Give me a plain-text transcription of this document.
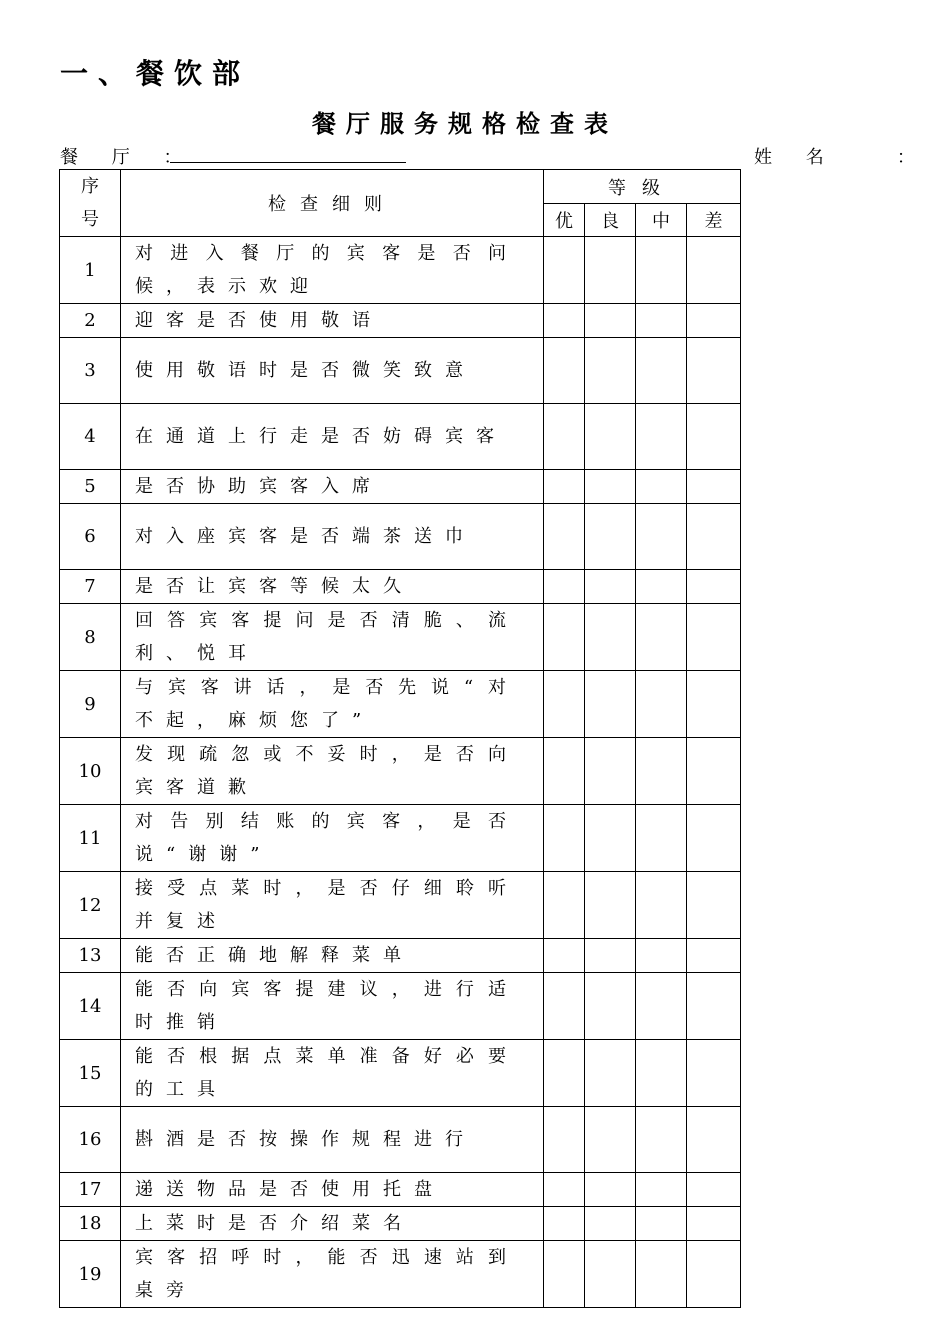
一、餐饮部
餐厅服务规格检查表
餐 厅 ：	姓 名   ：
序
号	检查细则	等级			
		优	良	中	差
1	对进入餐厅的宾客是否问候，表示欢迎				

2	迎客是否使用敬语				

3	使用敬语时是否微笑致意				

4	在通道上行走是否妨碍宾客				

5	是否协助宾客入席				

6	对入座宾客是否端茶送巾				

7	是否让宾客等候太久				

8	回答宾客提问是否清脆、流利、悦耳				

9	与宾客讲话，是否先说“对不起，麻烦您了”				

10	发现疏忽或不妥时，是否向宾客道歉				

11	对告别结账的宾客，是否说“谢谢”				

12	接受点菜时，是否仔细聆听并复述				

13	能否正确地解释菜单				

14	能否向宾客提建议，进行适时推销				

15	能否根据点菜单准备好必要的工具				

16	斟酒是否按操作规程进行				

17	递送物品是否使用托盘				

18	上菜时是否介绍菜名				

19	宾客招呼时，能否迅速站到桌旁				
